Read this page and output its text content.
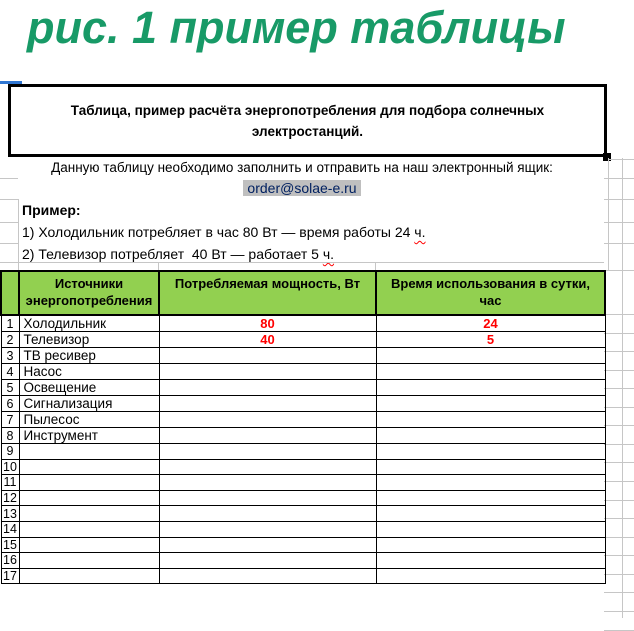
рис. 1 пример таблицы
Таблица, пример расчёта энергопотребления для подбора солнечных электростанций.
Данную таблицу необходимо заполнить и отправить на наш электронный ящик:
order@solae-e.ru
Пример:
1) Холодильник потребляет в час 80 Вт — время работы 24 ч.
2) Телевизор потребляет  40 Вт — работает 5 ч.
	Источники энергопотребления	Потребляемая мощность, Вт	Время использования в сутки, час
1	Холодильник	80	24
2	Телевизор	40	5
3	ТВ ресивер		
4	Насос		
5	Освещение		
6	Сигнализация		
7	Пылесос		
8	Инструмент		
9			
10			
11			
12			
13			
14			
15			
16			
17			
